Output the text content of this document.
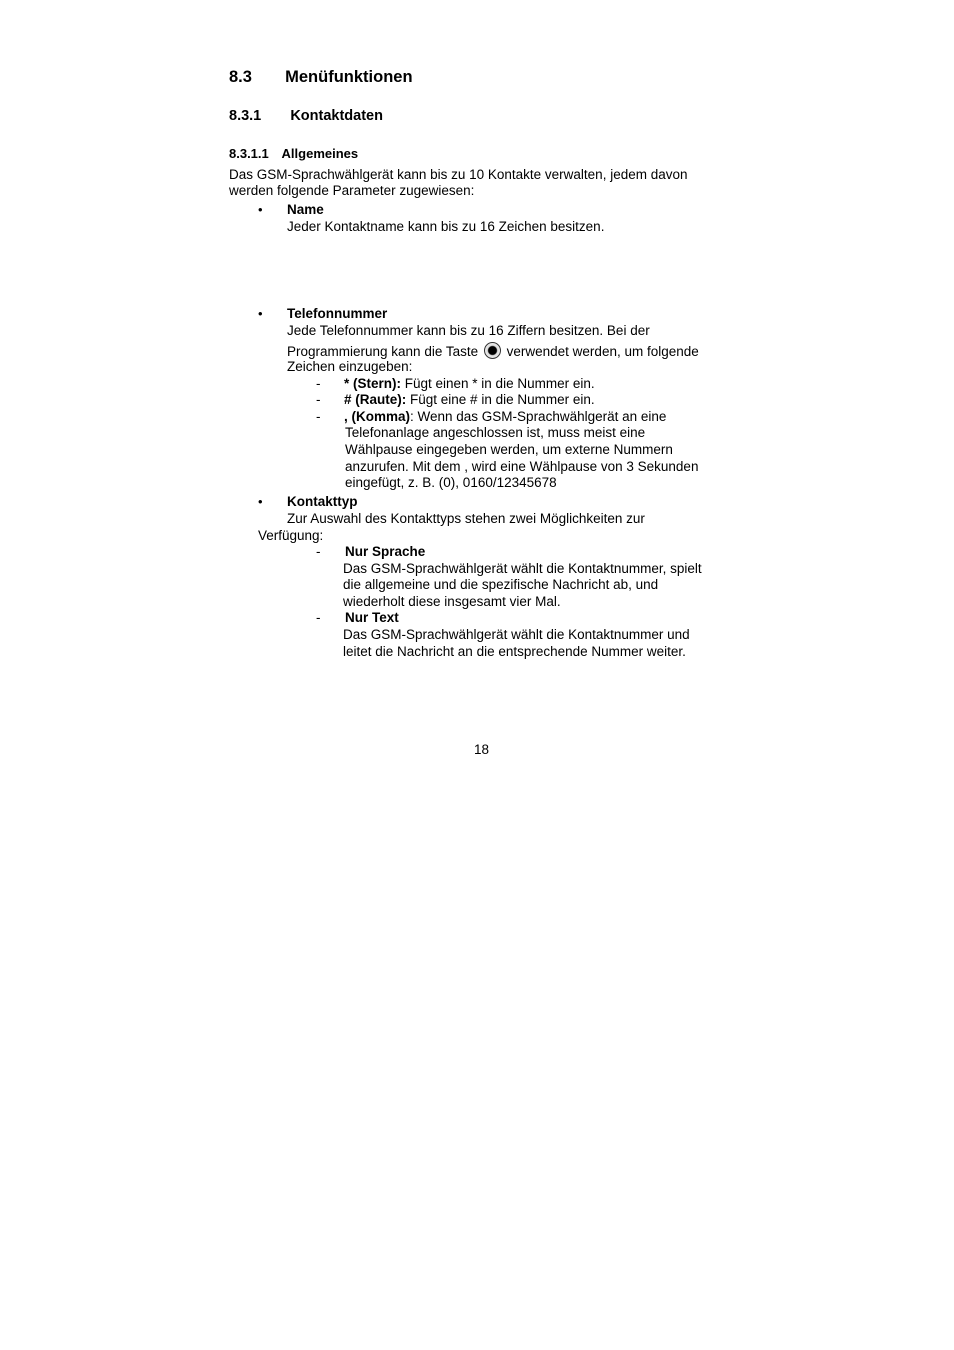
8.3 Menüfunktionen
8.3.1 Kontaktdaten
8.3.1.1 Allgemeines
Das GSM-Sprachwählgerät kann bis zu 10 Kontakte verwalten, jedem davon
werden folgende Parameter zugewiesen:
• Name
Jeder Kontaktname kann bis zu 16 Zeichen besitzen.
• Telefonnummer
Jede Telefonnummer kann bis zu 16 Ziffern besitzen. Bei der
Programmierung kann die Taste verwendet werden, um folgende
Zeichen einzugeben:
- * (Stern): Fügt einen * in die Nummer ein.
- # (Raute): Fügt eine # in die Nummer ein.
- , (Komma): Wenn das GSM-Sprachwählgerät an eine
Telefonanlage angeschlossen ist, muss meist eine
Wählpause eingegeben werden, um externe Nummern
anzurufen. Mit dem , wird eine Wählpause von 3 Sekunden
eingefügt, z. B. (0), 0160/12345678
• Kontakttyp
Zur Auswahl des Kontakttyps stehen zwei Möglichkeiten zur
Verfügung:
- Nur Sprache
Das GSM-Sprachwählgerät wählt die Kontaktnummer, spielt
die allgemeine und die spezifische Nachricht ab, und
wiederholt diese insgesamt vier Mal.
- Nur Text
Das GSM-Sprachwählgerät wählt die Kontaktnummer und
leitet die Nachricht an die entsprechende Nummer weiter.
18
